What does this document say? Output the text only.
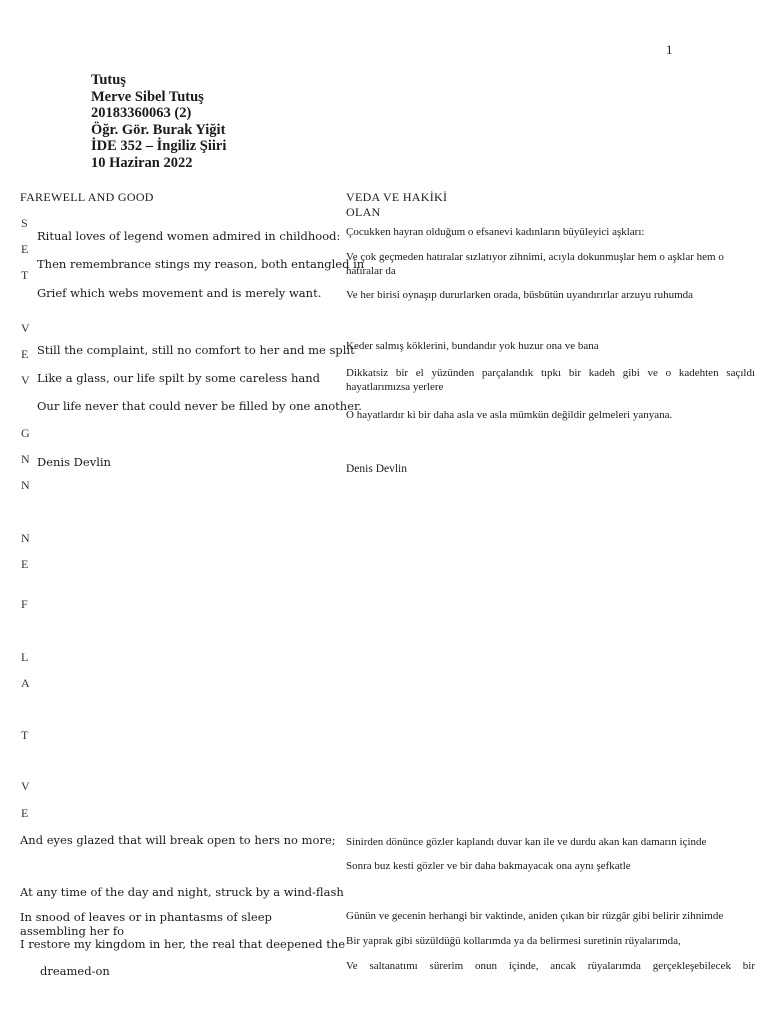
1
Tutuş
Merve Sibel Tutuş
20183360063 (2)
Öğr. Gör. Burak Yiğit
İDE 352 – İngiliz Şiiri
10 Haziran 2022
FAREWELL AND GOOD	VEDA VE HAKİKİ OLAN
S
E
T
V
E
V
G
N
N
N
E
F
L
A
T
V
E
Ritual loves of legend women admired in childhood:
Then remembrance stings my reason, both entangled in
Grief which webs movement and is merely want.
Still the complaint, still no comfort to her and me split
Like a glass, our life spilt by some careless hand
Our life never that could never be filled by one another.
Denis Devlin
Çocukken hayran olduğum o efsanevi kadınların büyüleyici aşkları:
Ve çok geçmeden hatıralar sızlatıyor zihnimi, acıyla dokunmuşlar hem o aşklar hem o hatıralar da
Ve her birisi oynaşıp dururlarken orada, büsbütün uyandırırlar arzuyu ruhumda
Keder salmış köklerini, bundandır yok huzur ona ve bana
Dikkatsiz bir el yüzünden parçalandık tıpkı bir kadeh gibi ve o kadehten saçıldı hayatlarımızsa yerlere
O hayatlardır ki bir daha asla ve asla mümkün değildir gelmeleri yanyana.
Denis Devlin
And eyes glazed that will break open to hers no more;
At any time of the day and night, struck by a wind-flash
In snood of leaves or in phantasms of sleep assembling her fo
I restore my kingdom in her, the real that deepened the
dreamed-on
Sinirden dönünce gözler kaplandı duvar kan ile ve durdu akan kan damarın içinde
Sonra buz kesti gözler ve bir daha bakmayacak ona aynı şefkatle
Günün ve gecenin herhangi bir vaktinde, aniden çıkan bir rüzgâr gibi belirir zihnimde
Bir yaprak gibi süzüldüğü kollarımda ya da belirmesi suretinin rüyalarımda,
Ve saltanatımı sürerim onun içinde, ancak rüyalarımda gerçekleşebilecek bir
